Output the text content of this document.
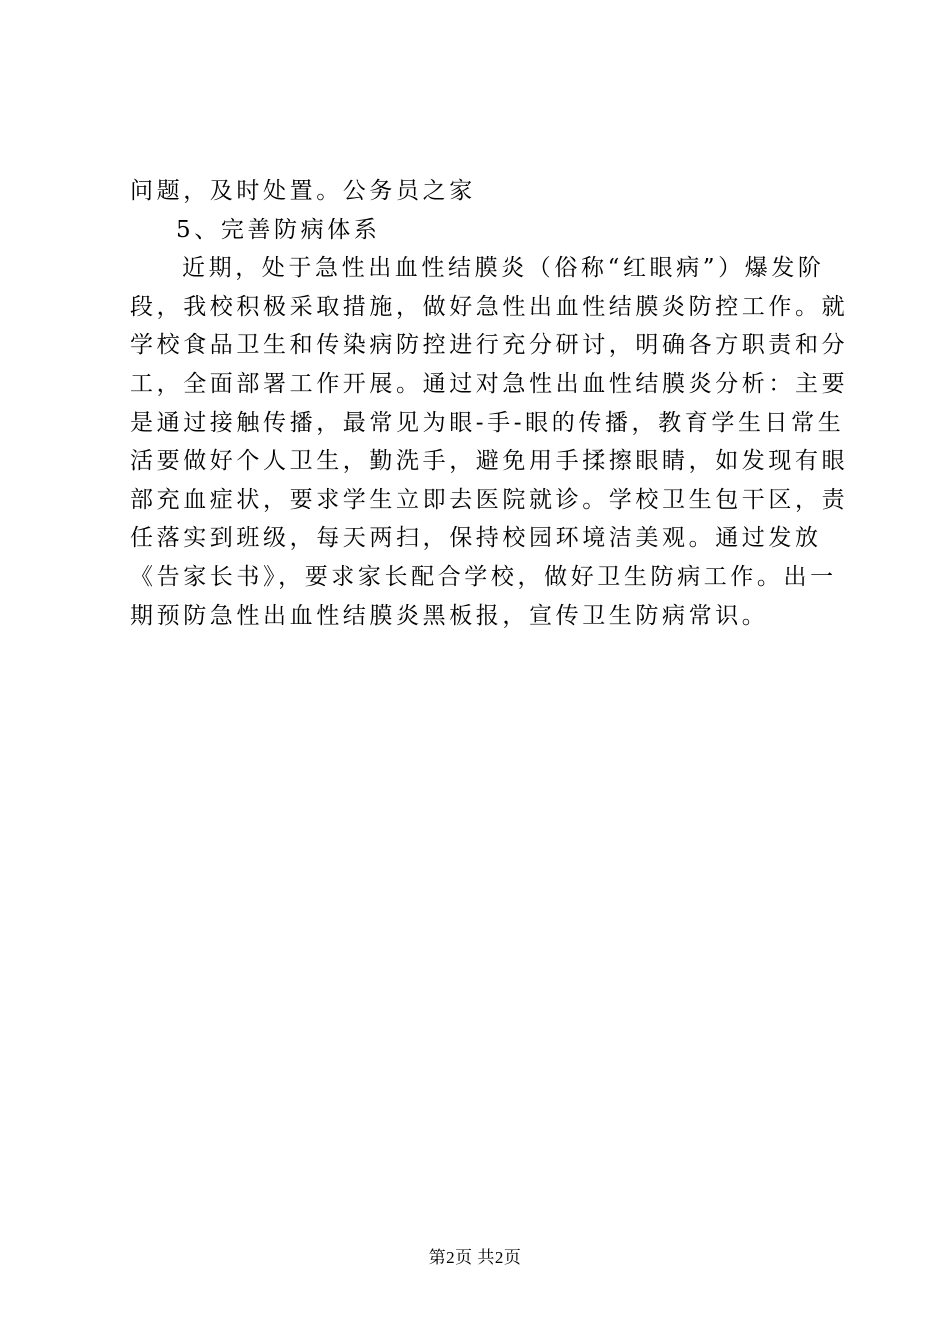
问题，及时处置。公务员之家
5、完善防病体系
近期，处于急性出血性结膜炎（俗称“红眼病”）爆发阶
段，我校积极采取措施，做好急性出血性结膜炎防控工作。就
学校食品卫生和传染病防控进行充分研讨，明确各方职责和分
工，全面部署工作开展。通过对急性出血性结膜炎分析：主要
是通过接触传播，最常见为眼-手-眼的传播，教育学生日常生
活要做好个人卫生，勤洗手，避免用手揉擦眼睛，如发现有眼
部充血症状，要求学生立即去医院就诊。学校卫生包干区，责
任落实到班级，每天两扫，保持校园环境洁美观。通过发放
《告家长书》，要求家长配合学校，做好卫生防病工作。出一
期预防急性出血性结膜炎黑板报，宣传卫生防病常识。
第2页 共2页
